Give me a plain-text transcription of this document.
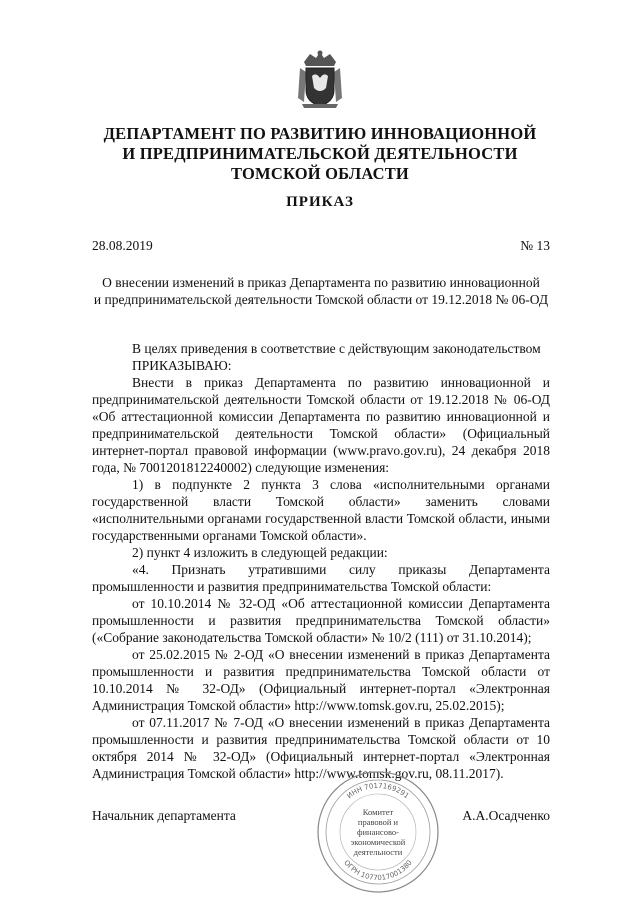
ДЕПАРТАМЕНТ ПО РАЗВИТИЮ ИННОВАЦИОННОЙ
И ПРЕДПРИНИМАТЕЛЬСКОЙ ДЕЯТЕЛЬНОСТИ
ТОМСКОЙ ОБЛАСТИ
ПРИКАЗ
28.08.2019	№ 13
О внесении изменений в приказ Департамента по развитию инновационной
и предпринимательской деятельности Томской области от 19.12.2018 № 06-ОД

В целях приведения в соответствие с действующим законодательством

ПРИКАЗЫВАЮ:

Внести в приказ Департамента по развитию инновационной и предпринимательской деятельности Томской области от 19.12.2018 № 06-ОД «Об аттестационной комиссии Департамента по развитию инновационной и предпринимательской деятельности Томской области» (Официальный интернет-портал правовой информации (www.pravo.gov.ru), 24 декабря 2018 года, № 7001201812240002) следующие изменения:

1) в подпункте 2 пункта 3 слова «исполнительными органами государственной власти Томской области» заменить словами «исполнительными органами государственной власти Томской области, иными государственными органами Томской области».

2) пункт 4 изложить в следующей редакции:

«4. Признать утратившими силу приказы Департамента промышленности и развития предпринимательства Томской области:

от 10.10.2014 № 32-ОД «Об аттестационной комиссии Департамента промышленности и развития предпринимательства Томской области» («Собрание законодательства Томской области» № 10/2 (111) от 31.10.2014);

от 25.02.2015 № 2-ОД «О внесении изменений в приказ Департамента промышленности и развития предпринимательства Томской области от 10.10.2014 № 32-ОД» (Официальный интернет-портал «Электронная Администрация Томской области» http://www.tomsk.gov.ru, 25.02.2015);

от 07.11.2017 № 7-ОД «О внесении изменений в приказ Департамента промышленности и развития предпринимательства Томской области от 10 октября 2014 № 32-ОД» (Официальный интернет-портал «Электронная Администрация Томской области» http://www.tomsk.gov.ru, 08.11.2017).

Начальник департамента
ИНН 7017169291
ОГРН 1077017001380
Комитет
правовой и
финансово-
экономической
деятельности
А.А.Осадченко
